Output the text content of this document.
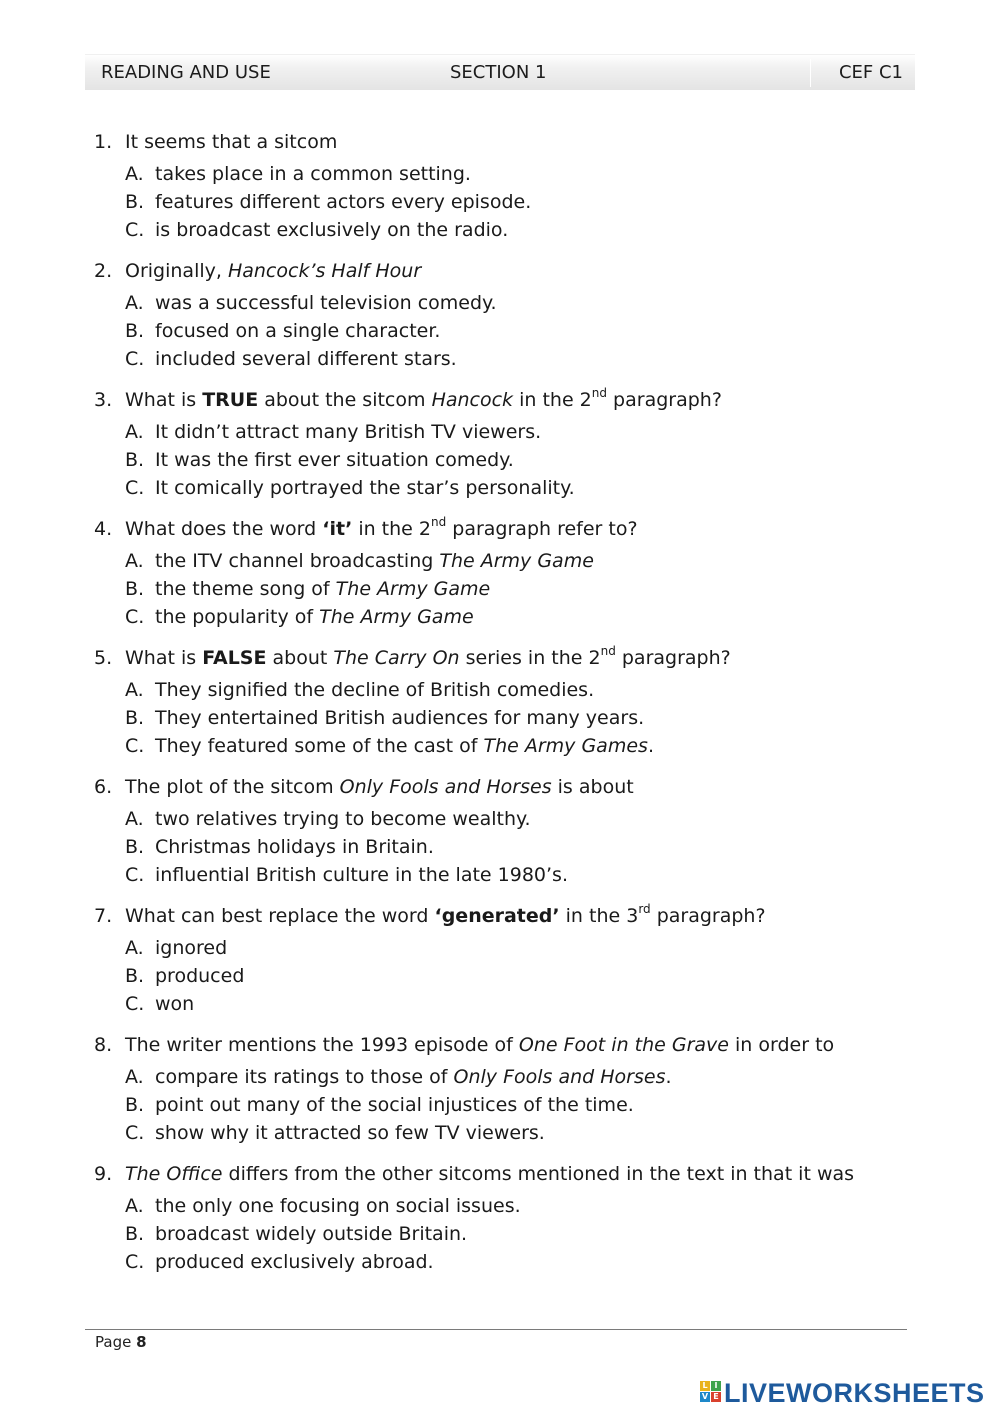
READING AND USE	SECTION 1	CEF C1
1. It seems that a sitcom
A. takes place in a common setting.
B. features different actors every episode.
C. is broadcast exclusively on the radio.
2. Originally, Hancock’s Half Hour
A. was a successful television comedy.
B. focused on a single character.
C. included several different stars.
3. What is TRUE about the sitcom Hancock in the 2nd paragraph?
A. It didn’t attract many British TV viewers.
B. It was the first ever situation comedy.
C. It comically portrayed the star’s personality.
4. What does the word ‘it’ in the 2nd paragraph refer to?
A. the ITV channel broadcasting The Army Game
B. the theme song of The Army Game
C. the popularity of The Army Game
5. What is FALSE about The Carry On series in the 2nd paragraph?
A. They signified the decline of British comedies.
B. They entertained British audiences for many years.
C. They featured some of the cast of The Army Games.
6. The plot of the sitcom Only Fools and Horses is about
A. two relatives trying to become wealthy.
B. Christmas holidays in Britain.
C. influential British culture in the late 1980’s.
7. What can best replace the word ‘generated’ in the 3rd paragraph?
A. ignored
B. produced
C. won
8. The writer mentions the 1993 episode of One Foot in the Grave in order to
A. compare its ratings to those of Only Fools and Horses.
B. point out many of the social injustices of the time.
C. show why it attracted so few TV viewers.
9. The Office differs from the other sitcoms mentioned in the text in that it was
A. the only one focusing on social issues.
B. broadcast widely outside Britain.
C. produced exclusively abroad.
Page 8
L I
V E LIVEWORKSHEETS
